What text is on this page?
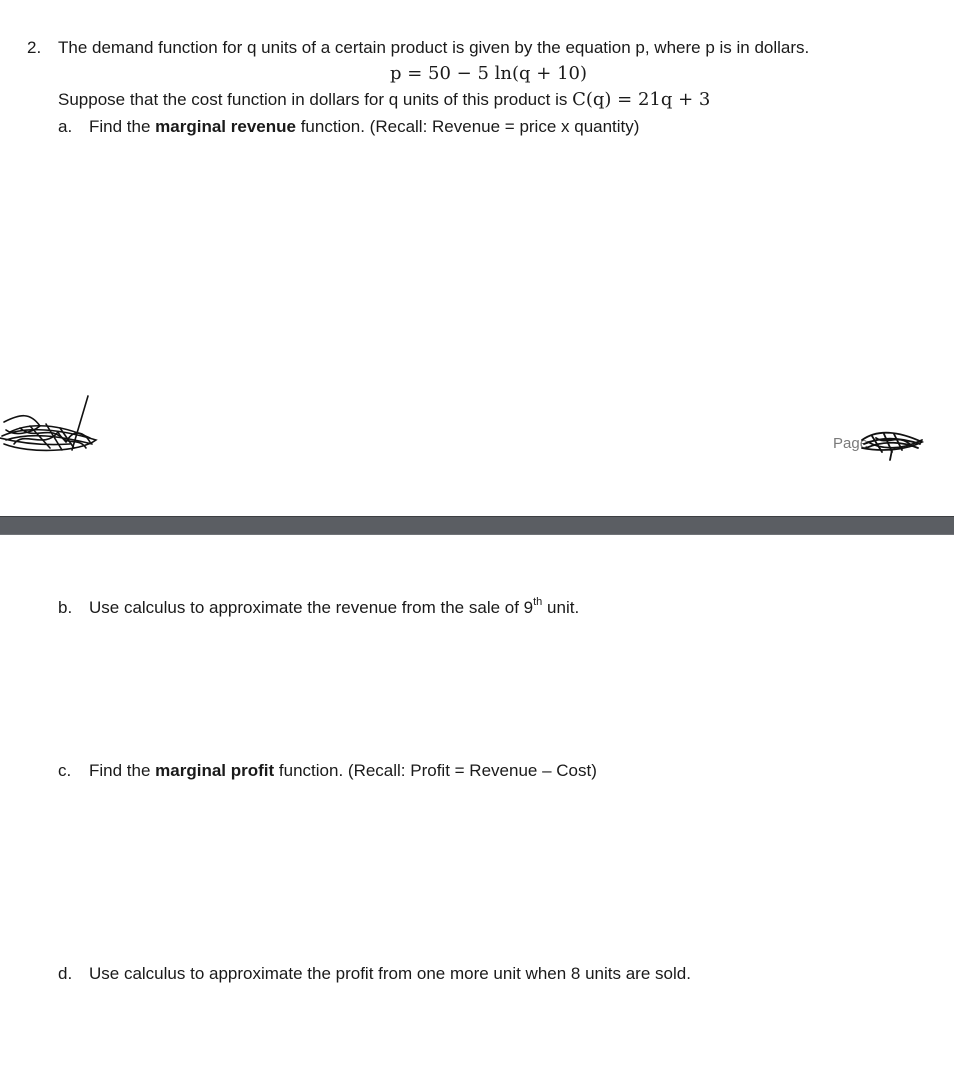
2. The demand function for q units of a certain product is given by the equation p, where p is in dollars.
p = 50 − 5 ln(q + 10)
Suppose that the cost function in dollars for q units of this product is C(q) = 21q + 3
a. Find the marginal revenue function. (Recall: Revenue = price x quantity)
Page
b. Use calculus to approximate the revenue from the sale of 9th unit.
c. Find the marginal profit function. (Recall: Profit = Revenue – Cost)
d. Use calculus to approximate the profit from one more unit when 8 units are sold.
